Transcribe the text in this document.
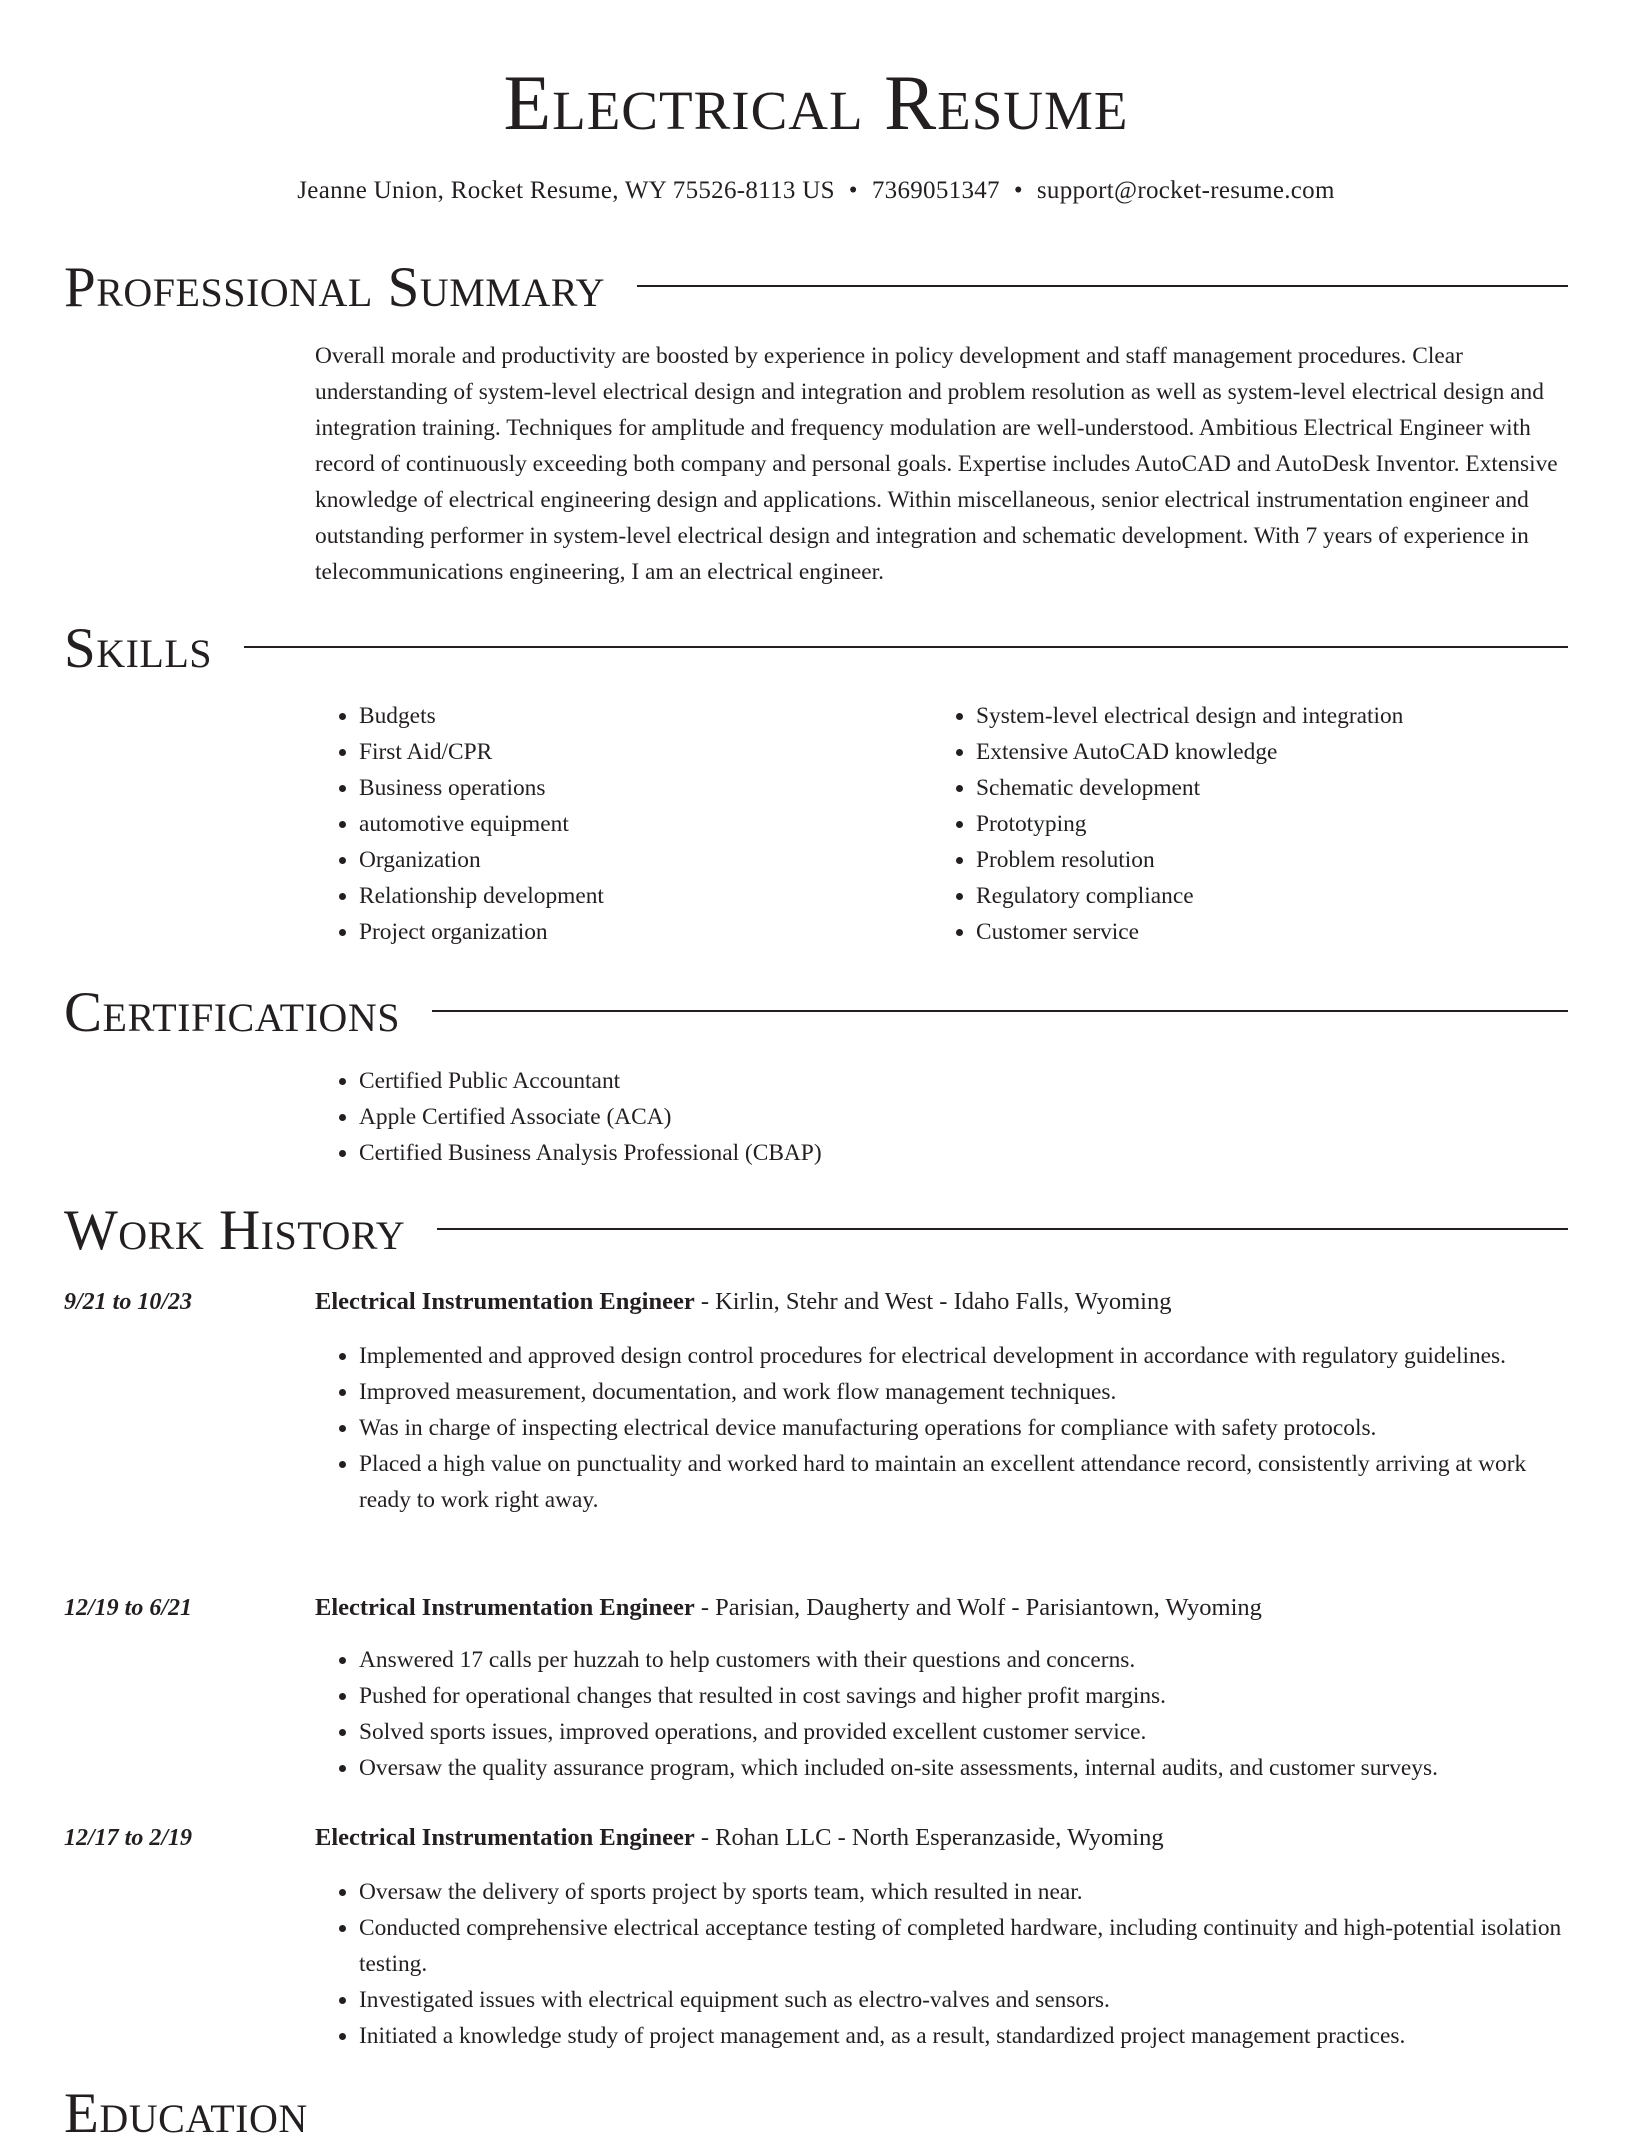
Electrical Resume
Jeanne Union, Rocket Resume, WY 75526-8113 US • 7369051347 • support@rocket-resume.com
Professional Summary
Overall morale and productivity are boosted by experience in policy development and staff management procedures. Clear understanding of system-level electrical design and integration and problem resolution as well as system-level electrical design and integration training. Techniques for amplitude and frequency modulation are well-understood. Ambitious Electrical Engineer with record of continuously exceeding both company and personal goals. Expertise includes AutoCAD and AutoDesk Inventor. Extensive knowledge of electrical engineering design and applications. Within miscellaneous, senior electrical instrumentation engineer and outstanding performer in system-level electrical design and integration and schematic development. With 7 years of experience in telecommunications engineering, I am an electrical engineer.
Skills
• Budgets
• First Aid/CPR
• Business operations
• automotive equipment
• Organization
• Relationship development
• Project organization
• System-level electrical design and integration
• Extensive AutoCAD knowledge
• Schematic development
• Prototyping
• Problem resolution
• Regulatory compliance
• Customer service
Certifications
• Certified Public Accountant
• Apple Certified Associate (ACA)
• Certified Business Analysis Professional (CBAP)
Work History
9/21 to 10/23	Electrical Instrumentation Engineer - Kirlin, Stehr and West - Idaho Falls, Wyoming
• Implemented and approved design control procedures for electrical development in accordance with regulatory guidelines.
• Improved measurement, documentation, and work flow management techniques.
• Was in charge of inspecting electrical device manufacturing operations for compliance with safety protocols.
• Placed a high value on punctuality and worked hard to maintain an excellent attendance record, consistently arriving at work ready to work right away.
12/19 to 6/21	Electrical Instrumentation Engineer - Parisian, Daugherty and Wolf - Parisiantown, Wyoming
• Answered 17 calls per huzzah to help customers with their questions and concerns.
• Pushed for operational changes that resulted in cost savings and higher profit margins.
• Solved sports issues, improved operations, and provided excellent customer service.
• Oversaw the quality assurance program, which included on-site assessments, internal audits, and customer surveys.
12/17 to 2/19	Electrical Instrumentation Engineer - Rohan LLC - North Esperanzaside, Wyoming
• Oversaw the delivery of sports project by sports team, which resulted in near.
• Conducted comprehensive electrical acceptance testing of completed hardware, including continuity and high-potential isolation testing.
• Investigated issues with electrical equipment such as electro-valves and sensors.
• Initiated a knowledge study of project management and, as a result, standardized project management practices.
Education
